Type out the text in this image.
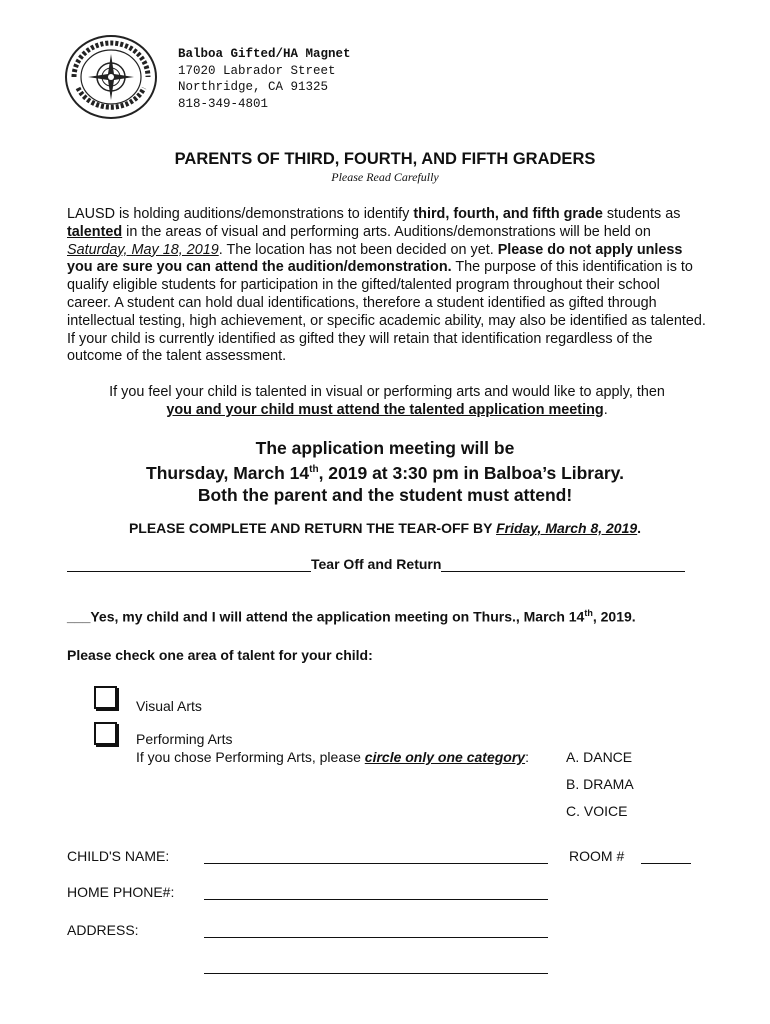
Balboa Gifted/HA Magnet
17020 Labrador Street
Northridge, CA 91325
818-349-4801
PARENTS OF THIRD, FOURTH, AND FIFTH GRADERS
Please Read Carefully
LAUSD is holding auditions/demonstrations to identify third, fourth, and fifth grade students as talented in the areas of visual and performing arts. Auditions/demonstrations will be held on Saturday, May 18, 2019. The location has not been decided on yet. Please do not apply unless you are sure you can attend the audition/demonstration. The purpose of this identification is to qualify eligible students for participation in the gifted/talented program throughout their school career. A student can hold dual identifications, therefore a student identified as gifted through intellectual testing, high achievement, or specific academic ability, may also be identified as talented. If your child is currently identified as gifted they will retain that identification regardless of the outcome of the talent assessment.
If you feel your child is talented in visual or performing arts and would like to apply, then
you and your child must attend the talented application meeting.
The application meeting will be
Thursday, March 14th, 2019 at 3:30 pm in Balboa’s Library.
Both the parent and the student must attend!
PLEASE COMPLETE AND RETURN THE TEAR-OFF BY Friday, March 8, 2019.
Tear Off and Return
___Yes, my child and I will attend the application meeting on Thurs., March 14th, 2019.
Please check one area of talent for your child:
Visual Arts
Performing Arts
If you chose Performing Arts, please circle only one category:	A. DANCE
B. DRAMA
C. VOICE
CHILD'S NAME:	ROOM #
HOME PHONE#:
ADDRESS:
